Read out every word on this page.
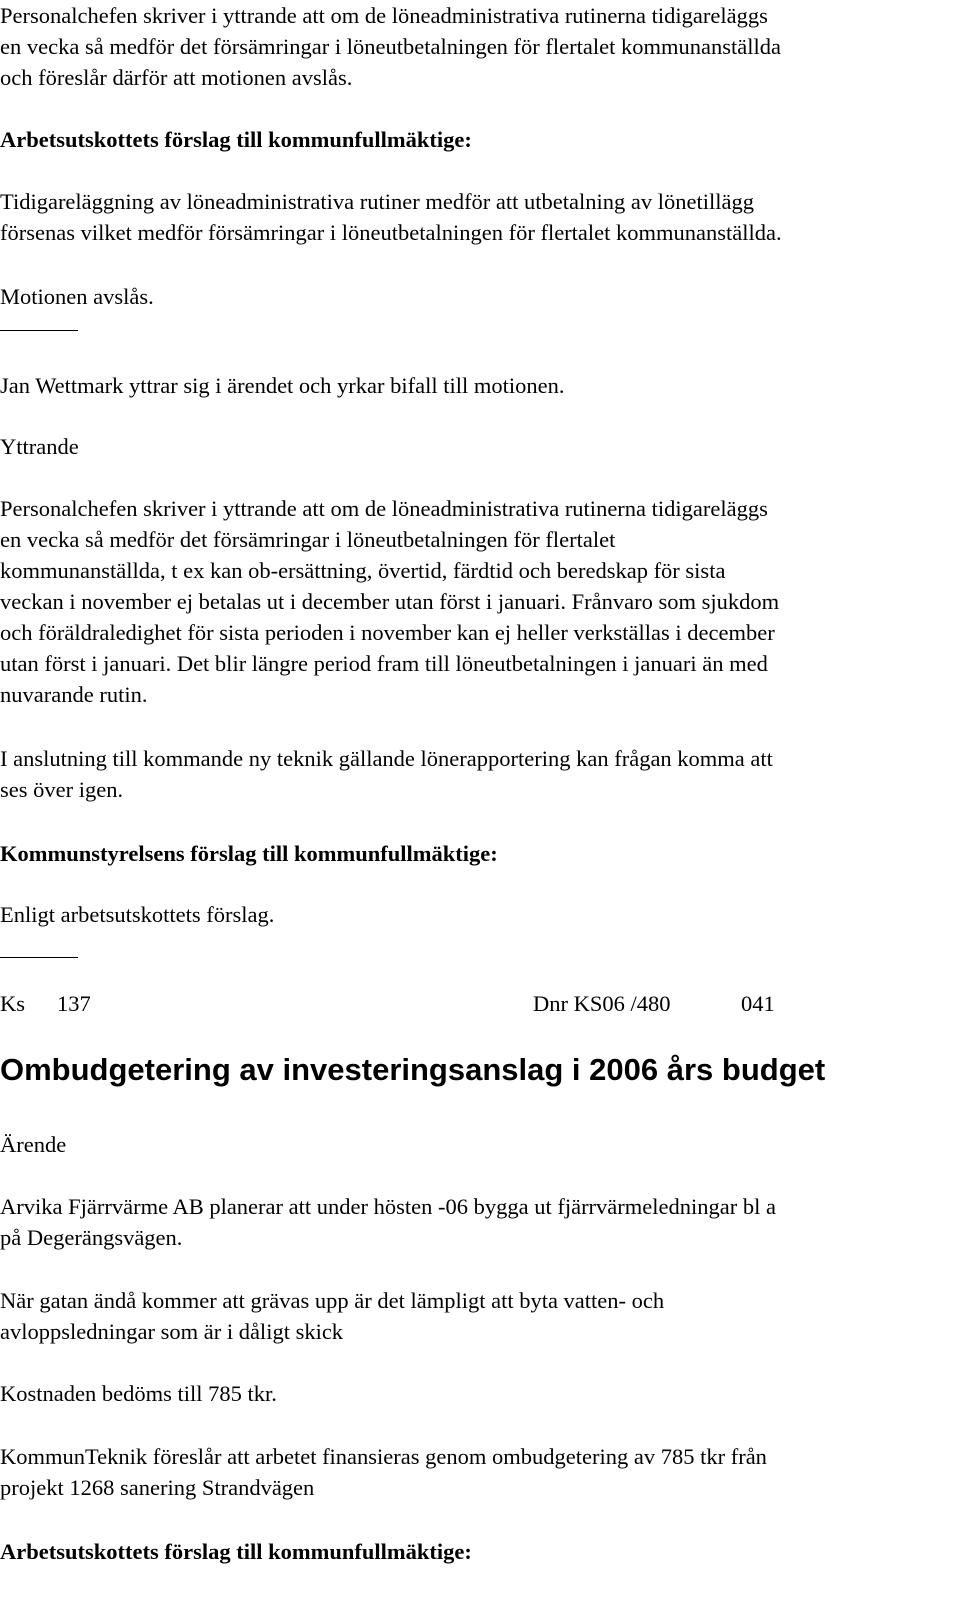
Personalchefen skriver i yttrande att om de löneadministrativa rutinerna tidigareläggs
en vecka så medför det försämringar i löneutbetalningen för flertalet kommunanställda
och föreslår därför att motionen avslås.
Arbetsutskottets förslag till kommunfullmäktige:
Tidigareläggning av löneadministrativa rutiner medför att utbetalning av lönetillägg
försenas vilket medför försämringar i löneutbetalningen för flertalet kommunanställda.
Motionen avslås.
Jan Wettmark yttrar sig i ärendet och yrkar bifall till motionen.
Yttrande
Personalchefen skriver i yttrande att om de löneadministrativa rutinerna tidigareläggs
en vecka så medför det försämringar i löneutbetalningen för flertalet
kommunanställda, t ex kan ob-ersättning, övertid, färdtid och beredskap för sista
veckan i november ej betalas ut i december utan först i januari. Frånvaro som sjukdom
och föräldraledighet för sista perioden i november kan ej heller verkställas i december
utan först i januari. Det blir längre period fram till löneutbetalningen i januari än med
nuvarande rutin.
I anslutning till kommande ny teknik gällande lönerapportering kan frågan komma att
ses över igen.
Kommunstyrelsens förslag till kommunfullmäktige:
Enligt arbetsutskottets förslag.
Ks 137	Dnr KS06 /480	041
Ombudgetering av investeringsanslag i 2006 års budget
Ärende
Arvika Fjärrvärme AB planerar att under hösten -06 bygga ut fjärrvärmeledningar bl a
på Degerängsvägen.
När gatan ändå kommer att grävas upp är det lämpligt att byta vatten- och
avloppsledningar som är i dåligt skick
Kostnaden bedöms till 785 tkr.
KommunTeknik föreslår att arbetet finansieras genom ombudgetering av 785 tkr från
projekt 1268 sanering Strandvägen
Arbetsutskottets förslag till kommunfullmäktige:
